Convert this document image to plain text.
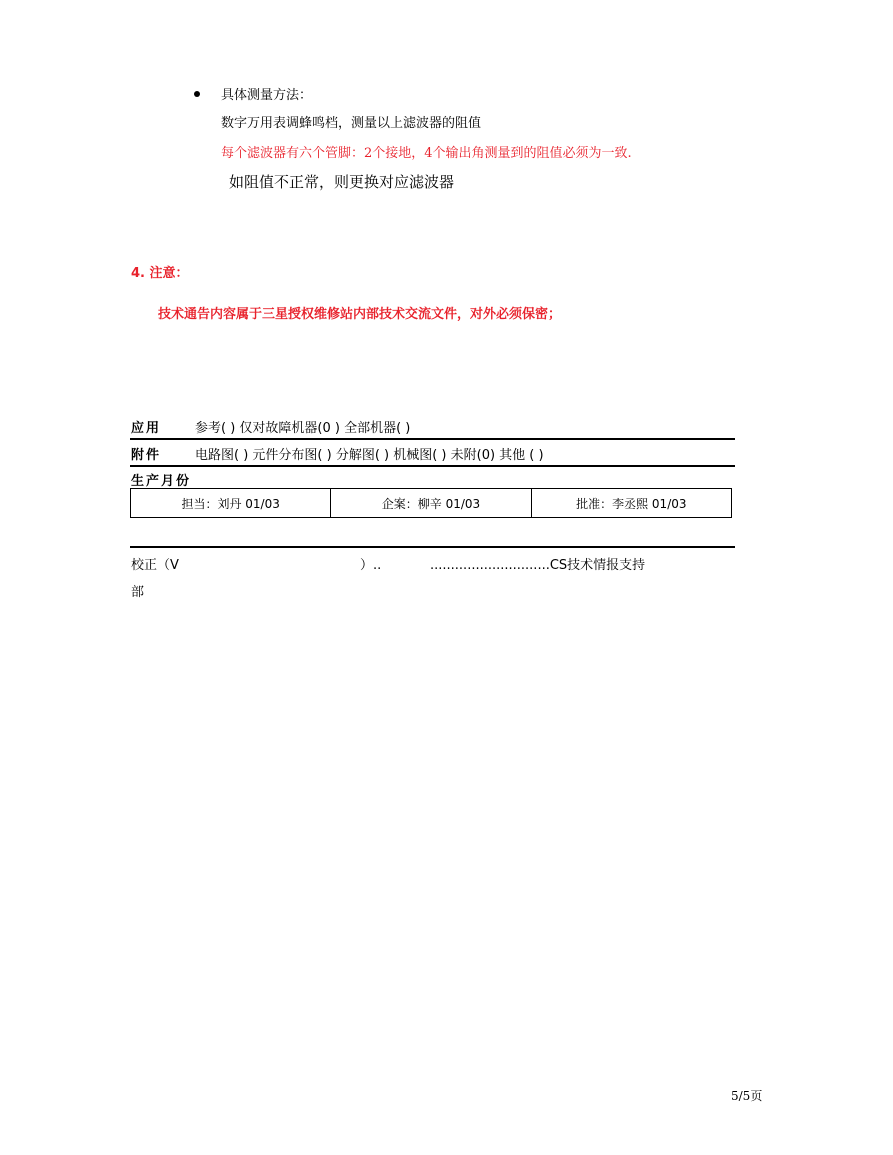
具体测量方法：
数字万用表调蜂鸣档，测量以上滤波器的阻值
每个滤波器有六个管脚：2个接地，4个输出角测量到的阻值必须为一致.
如阻值不正常，则更换对应滤波器
4. 注意：
技术通告内容属于三星授权维修站内部技术交流文件，对外必须保密；
应用	参考( ) 仅对故障机器(0 ) 全部机器( )
附件	电路图( ) 元件分布图( ) 分解图( ) 机械图( ) 未附(0) 其他 ( )
生产月份
担当：刘丹 01/03	企案：柳辛 01/03	批准：李丞熙 01/03
校正（V	）..	.............................CS技术情报支持
部
5/5页
